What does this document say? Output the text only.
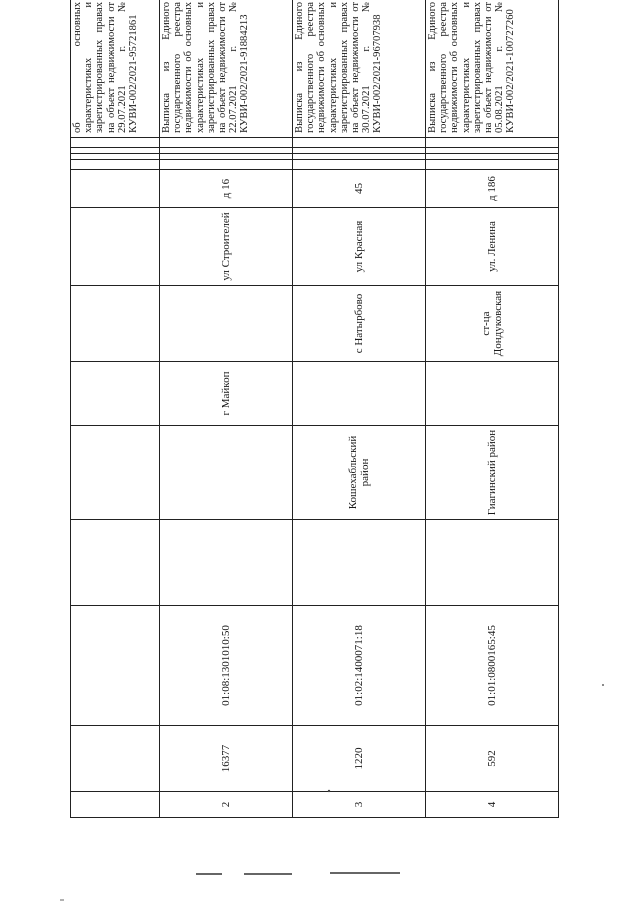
													об основных характеристиках и зарегистрированных правах на объект недвижимости от 29.07.2021 г. № КУВИ-002/2021-95721861
2	16377	01:08:1301010:50			г Майкоп		ул Строителей	д 16					Выписка из Единого государственного реестра недвижимости об основных характеристиках и зарегистрированных правах на объект недвижимости от 22.07.2021 г. № КУВИ-002/2021-91884213
3	1220	01:02:1400071:18		Кошехабльский район		с Натырбово	ул Красная	45					Выписка из Единого государственного реестра недвижимости об основных характеристиках и зарегистрированных правах на объект недвижимости от 30.07.2021 г. № КУВИ-002/2021-96707938
4	592	01:01:0800165:45		Гиагинский район		ст-ца Дондуковская	ул. Ленина	д 186					Выписка из Единого государственного реестра недвижимости об основных характеристиках и зарегистрированных правах на объект недвижимости от 05.08.2021 г. № КУВИ-002/2021-100727260
